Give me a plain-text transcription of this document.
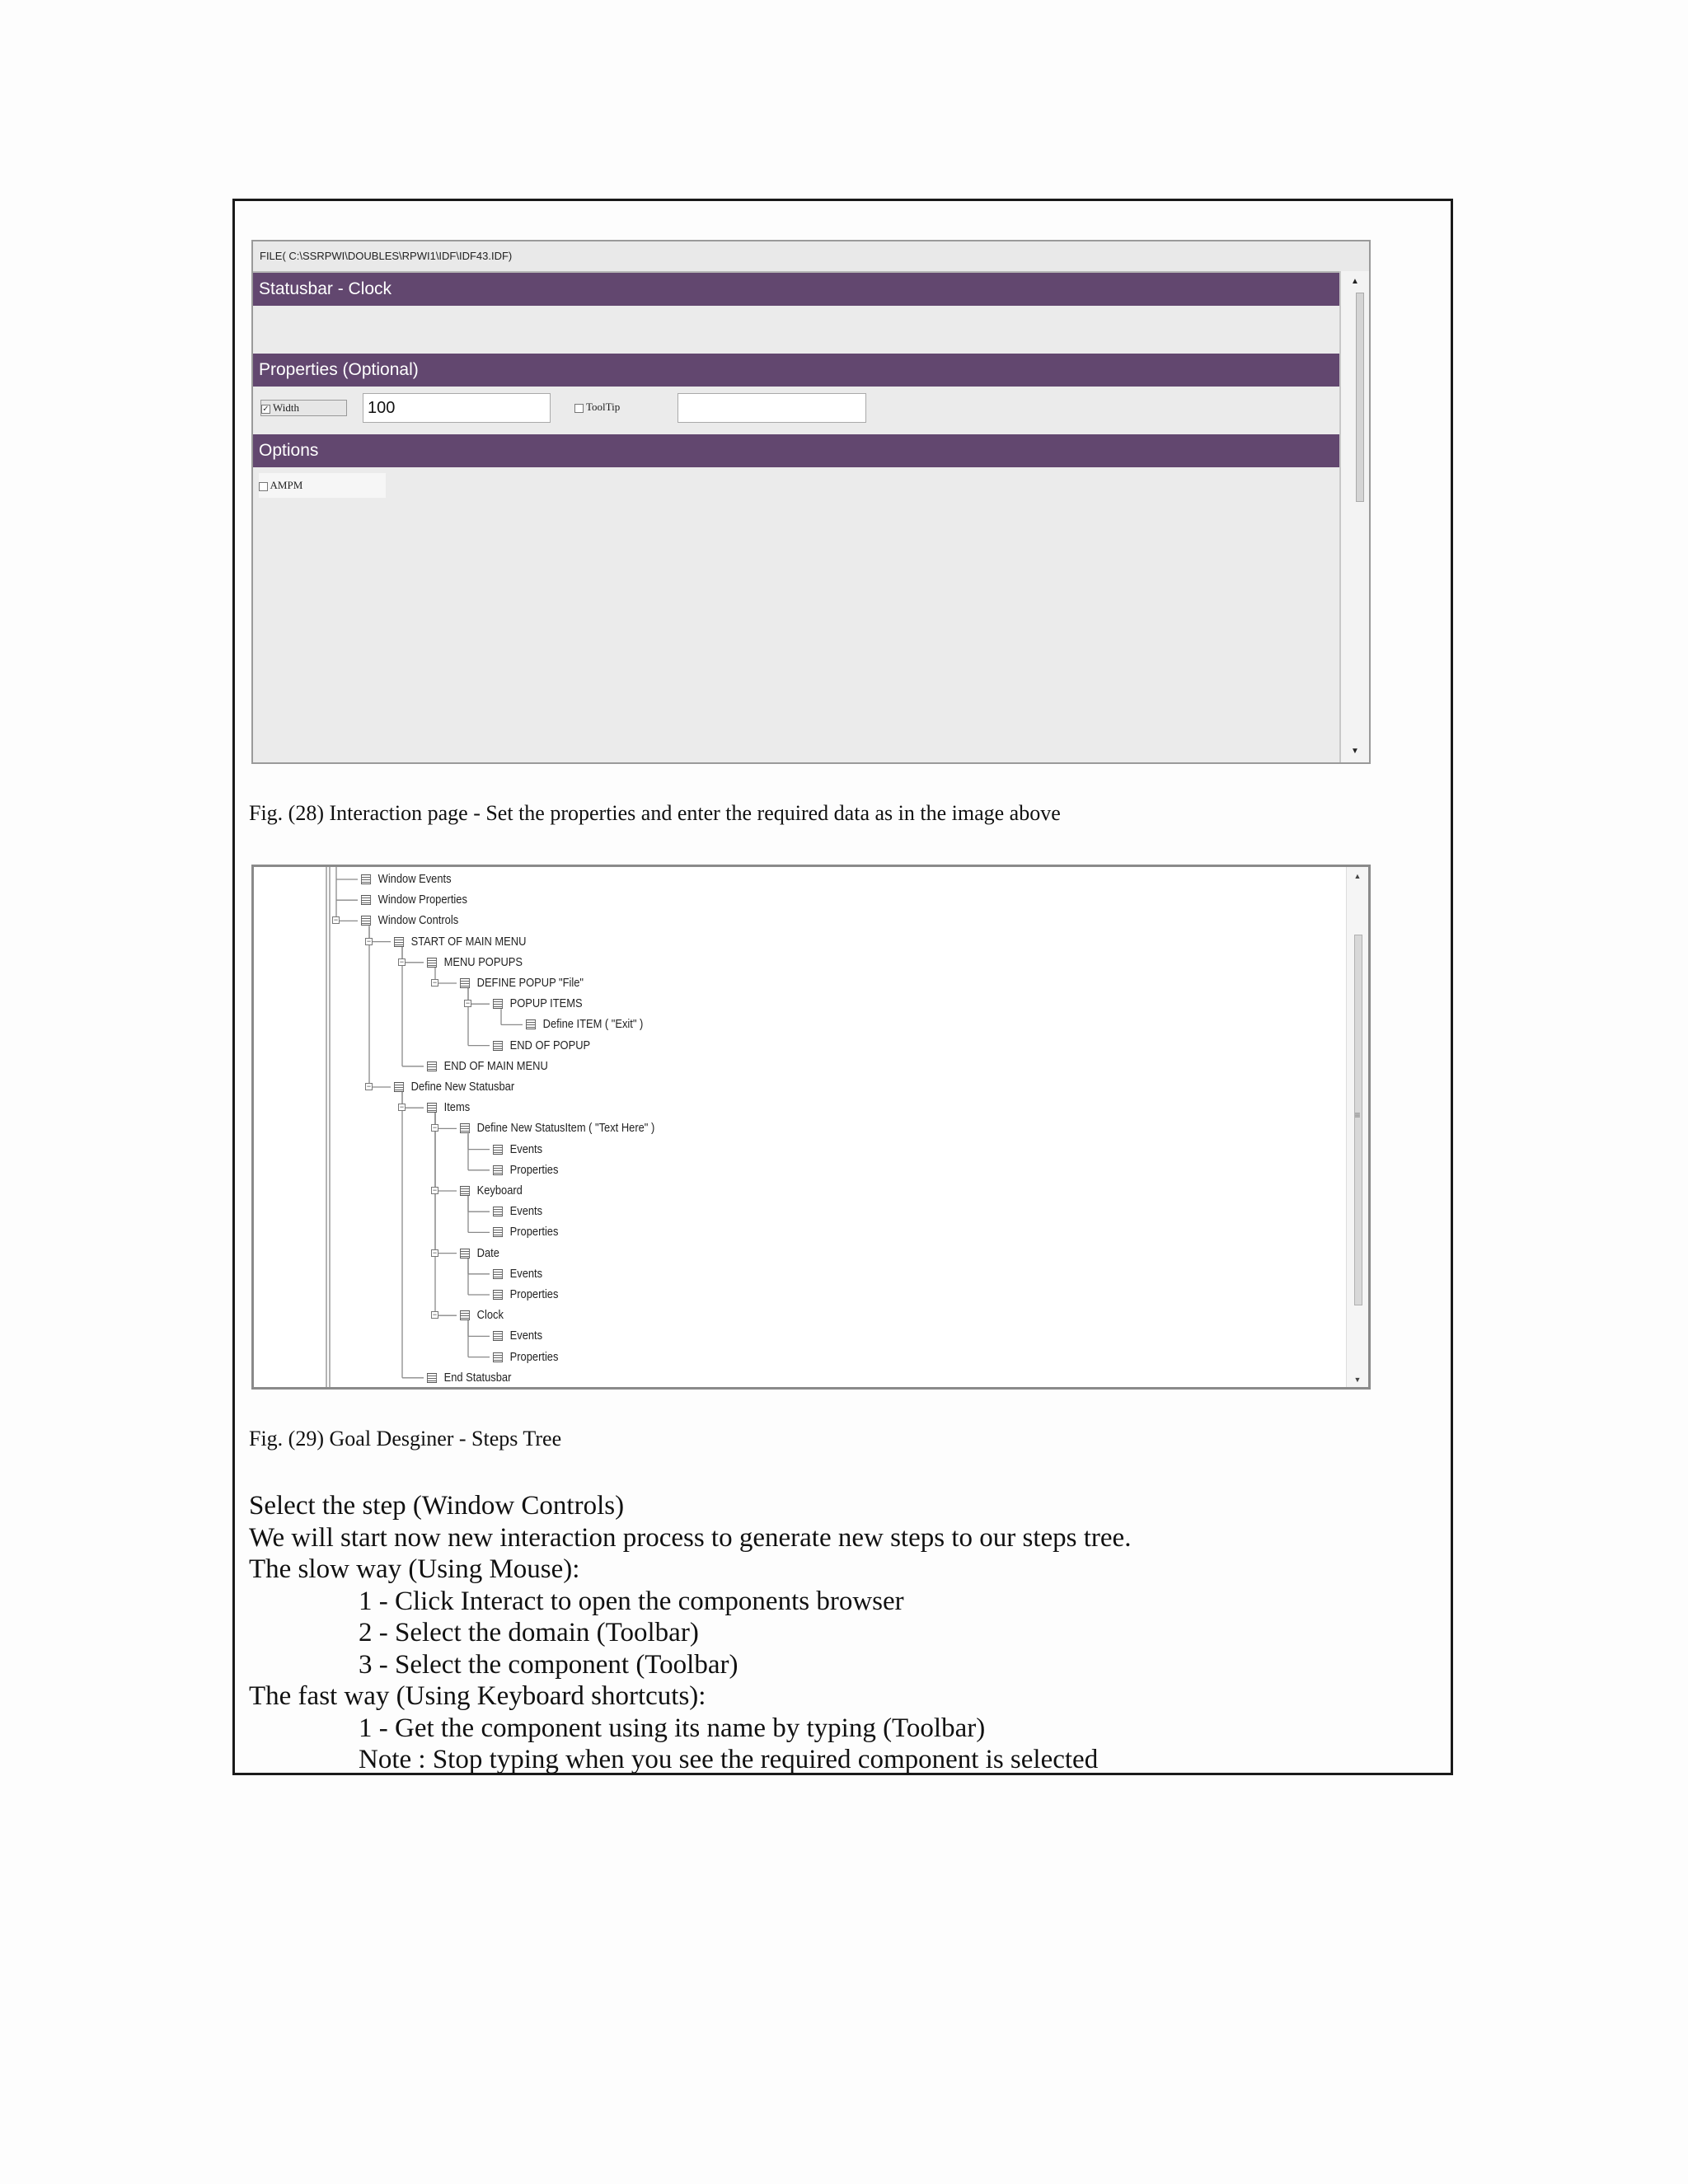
FILE( C:\SSRPWI\DOUBLES\RPWI1\IDF\IDF43.IDF)
Statusbar - Clock
Properties (Optional)
Options
▲
▼
✓ Width	100	ToolTip
AMPM
Fig. (28) Interaction page - Set the properties and enter the required data as in the image above
Window Events
Window Properties
Window Controls
−
START OF MAIN MENU
−
MENU POPUPS
−
DEFINE POPUP "File"
−
POPUP ITEMS
−
Define ITEM ( "Exit" )
END OF POPUP
END OF MAIN MENU
Define New Statusbar
−
Items
−
Define New StatusItem ( "Text Here" )
−
Events
Properties
Keyboard
−
Events
Properties
Date
−
Events
Properties
Clock
−
Events
Properties
End Statusbar
▲
≡
▼
Fig. (29) Goal Desginer - Steps Tree
Select the step (Window Controls)
We will start now new interaction process to generate new steps to our steps tree.
The slow way (Using Mouse):
1 - Click Interact to open the components browser
2 - Select the domain (Toolbar)
3 - Select the component (Toolbar)
The fast way (Using Keyboard shortcuts):
1 - Get the component using its name by typing (Toolbar)
Note : Stop typing when you see the required component is selected
